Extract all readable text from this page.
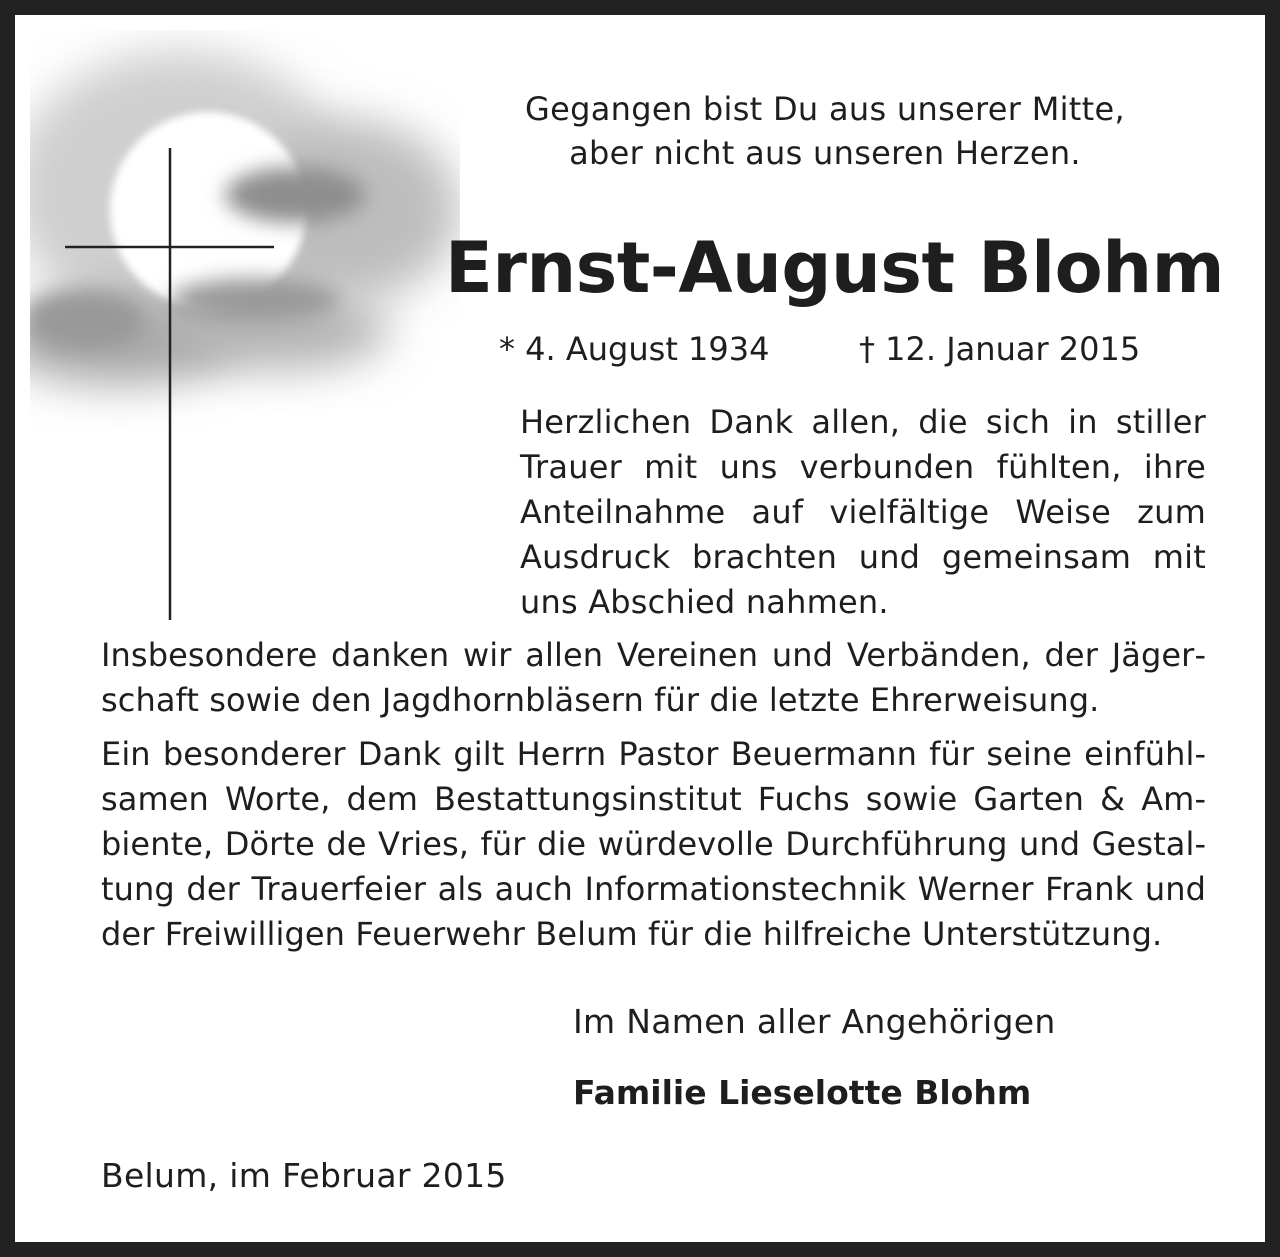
Gegangen bist Du aus unserer Mitte,
aber nicht aus unseren Herzen.
Ernst-August Blohm
* 4. August 1934	† 12. Januar 2015

Herzlichen Dank allen, die sich in stiller Trauer mit uns verbunden fühlten, ihre Anteilnahme auf vielfältige Weise zum Ausdruck brachten und gemeinsam mit uns Abschied nahmen.

Insbesondere danken wir allen Vereinen und Verbänden, der Jägerschaft sowie den Jagdhornbläsern für die letzte Ehrerweisung.

Ein besonderer Dank gilt Herrn Pastor Beuermann für seine einfühlsamen Worte, dem Bestattungsinstitut Fuchs sowie Garten & Ambiente, Dörte de Vries, für die würdevolle Durchführung und Gestaltung der Trauerfeier als auch Informationstechnik Werner Frank und der Freiwilligen Feuerwehr Belum für die hilfreiche Unterstützung.

Im Namen aller Angehörigen
Familie Lieselotte Blohm
Belum, im Februar 2015
